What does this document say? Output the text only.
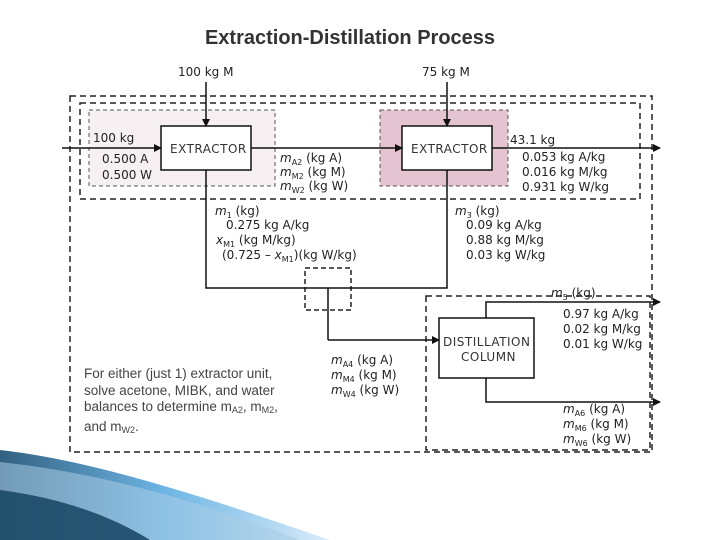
Extraction-Distillation Process
100 kg M	75 kg M
EXTRACTOR	EXTRACTOR
100 kg
0.500 A
0.500 W
$m_{A2}$ (kg A)
$m_{M2}$ (kg M)
$m_{W2}$ (kg W)
43.1 kg
0.053 kg A/kg
0.016 kg M/kg
0.931 kg W/kg
$m_1$ (kg)
0.275 kg A/kg
$x_{M1}$ (kg M/kg)
$(0.725 - x_{M1})(kg$ W/kg)
$m_3$ (kg)
0.09 kg A/kg
0.88 kg M/kg
0.03 kg W/kg
$m_5$ (kg)
0.97 kg A/kg
0.02 kg M/kg
0.01 kg W/kg
DISTILLATION
COLUMN
$m_{A4}$ (kg A)
$m_{M4}$ (kg M)
$m_{W4}$ (kg W)
$m_{A6}$ (kg A)
$m_{M6}$ (kg M)
$m_{W6}$ (kg W)
For either (just 1) extractor unit,
solve acetone, MIBK, and water
balances to determine $m_{A2}$, $m_{M2}$,
and $m_{W2}$.
